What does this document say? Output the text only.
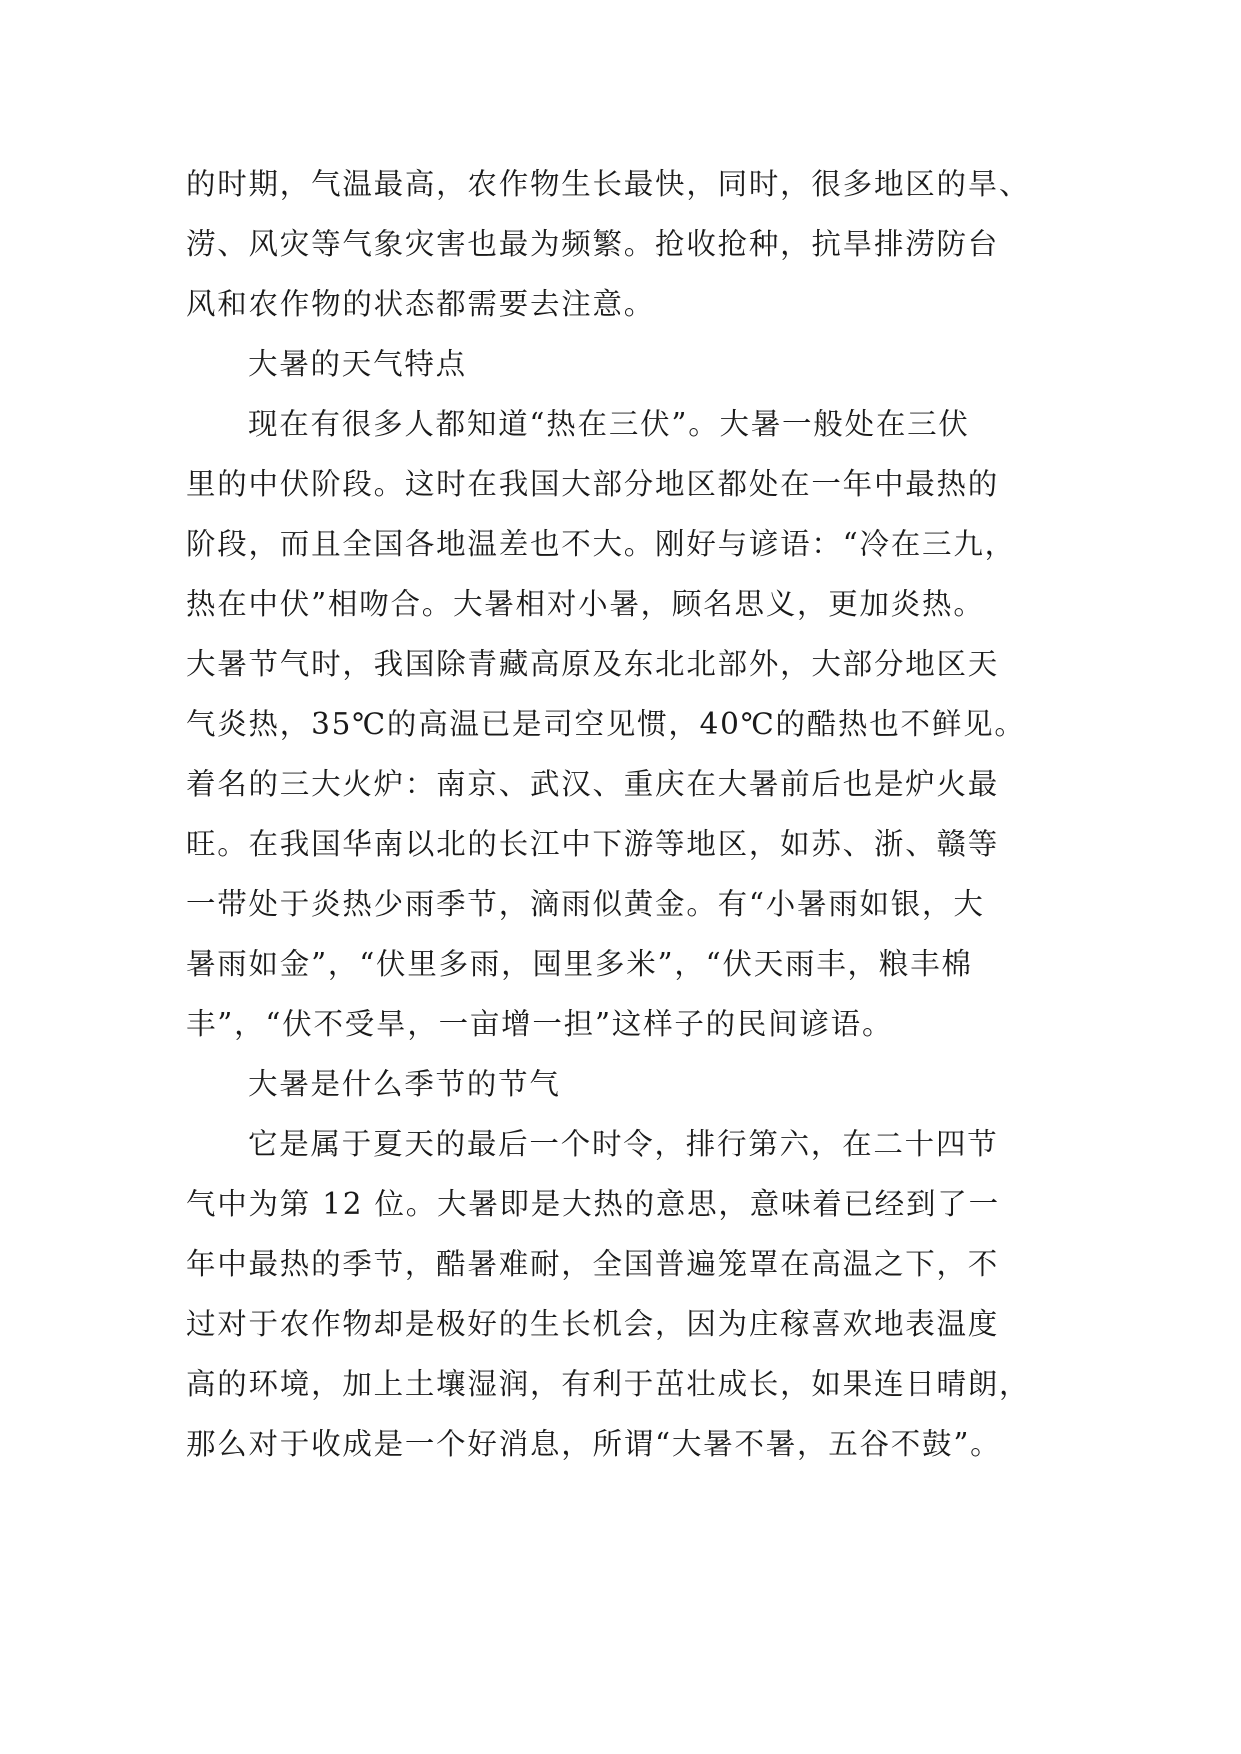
的时期，气温最高，农作物生长最快，同时，很多地区的旱、
涝、风灾等气象灾害也最为频繁。抢收抢种，抗旱排涝防台
风和农作物的状态都需要去注意。
大暑的天气特点
现在有很多人都知道“热在三伏”。大暑一般处在三伏
里的中伏阶段。这时在我国大部分地区都处在一年中最热的
阶段，而且全国各地温差也不大。刚好与谚语：“冷在三九，
热在中伏”相吻合。大暑相对小暑，顾名思义，更加炎热。
大暑节气时，我国除青藏高原及东北北部外，大部分地区天
气炎热，35℃的高温已是司空见惯，40℃的酷热也不鲜见。
着名的三大火炉：南京、武汉、重庆在大暑前后也是炉火最
旺。在我国华南以北的长江中下游等地区，如苏、浙、赣等
一带处于炎热少雨季节，滴雨似黄金。有“小暑雨如银，大
暑雨如金”，“伏里多雨，囤里多米”，“伏天雨丰，粮丰棉
丰”，“伏不受旱，一亩增一担”这样子的民间谚语。
大暑是什么季节的节气
它是属于夏天的最后一个时令，排行第六，在二十四节
气中为第 12 位。大暑即是大热的意思，意味着已经到了一
年中最热的季节，酷暑难耐，全国普遍笼罩在高温之下，不
过对于农作物却是极好的生长机会，因为庄稼喜欢地表温度
高的环境，加上土壤湿润，有利于茁壮成长，如果连日晴朗，
那么对于收成是一个好消息，所谓“大暑不暑，五谷不鼓”。
